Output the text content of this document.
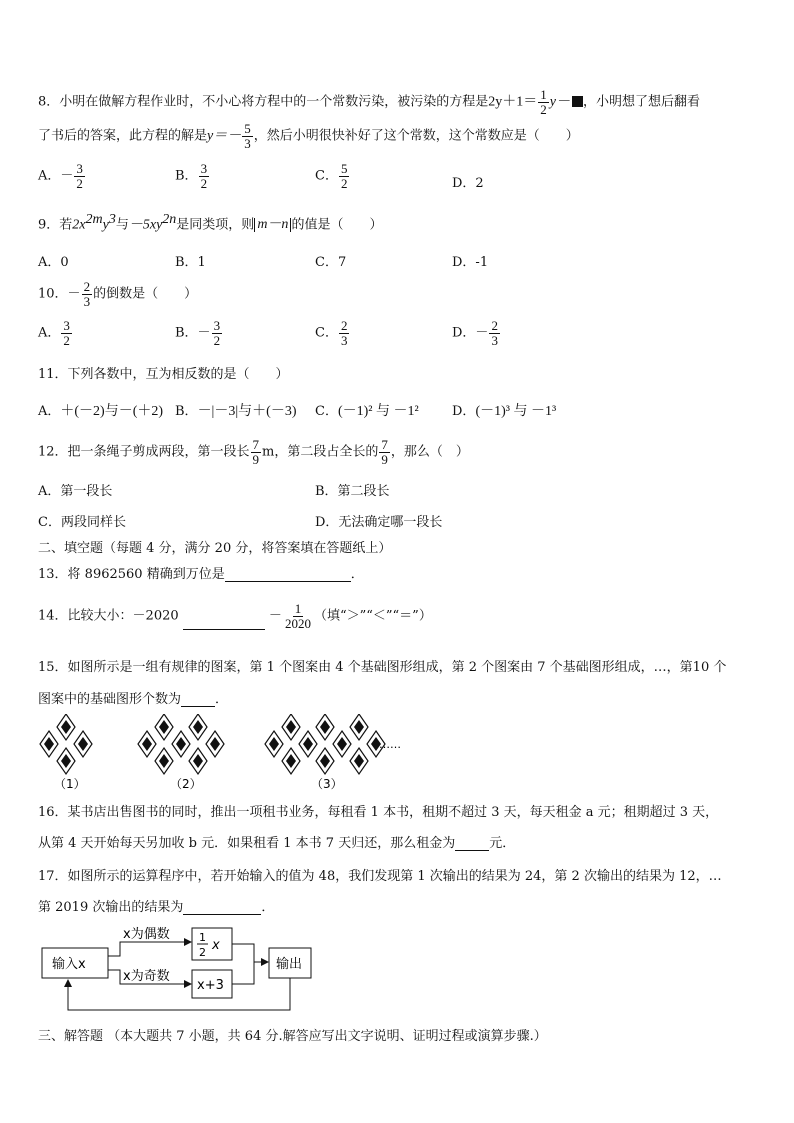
8．小明在做解方程作业时，不小心将方程中的一个常数污染，被污染的方程是$2y+1= \frac{1}{2} y-$ ，小明想了想后翻看
了书后的答案，此方程的解是$y=- \frac{5}{3}$ ，然后小明很快补好了这个常数，这个常数应是（　　）
A．－ $\frac{3}{2}$	B． $\frac{3}{2}$	C． $\frac{5}{2}$	D．2
9．若$2x^{2m}y^3$与$-5xy^{2n}$是同类项，则 m－n 的值是（　　）
A．0	B．1	C．7	D．-1
10．－ $\frac{2}{3}$ 的倒数是（　　）
A． $\frac{3}{2}$	B．－ $\frac{3}{2}$	C． $\frac{2}{3}$	D．－ $\frac{2}{3}$
11．下列各数中，互为相反数的是（　　）
A．＋(－2)与－(＋2) B．－|－3|与＋(－3) C．(－1)² 与 －1²	D．(－1)³ 与 －1³
12．把一条绳子剪成两段，第一段长 $\frac{7}{9}$ m，第二段占全长的 $\frac{7}{9}$ ，那么（　）
A．第一段长	B．第二段长
C．两段同样长	D．无法确定哪一段长
二、填空题（每题 4 分，满分 20 分，将答案填在答题纸上）
13．将 8962560 精确到万位是	．
14．比较大小：－2020	－ $\frac{1}{2020}$ （填“＞”“＜”“＝”）
15．如图所示是一组有规律的图案，第 1 个图案由 4 个基础图形组成，第 2 个图案由 7 个基础图形组成，…，第10 个
图案中的基础图形个数为	．
……
（1）	（2）	（3）
16．某书店出售图书的同时，推出一项租书业务，每租看 1 本书，租期不超过 3 天，每天租金 a 元；租期超过 3 天，
从第 4 天开始每天另加收 b 元．如果租看 1 本书 7 天归还，那么租金为	元．
17．如图所示的运算程序中，若开始输入的值为 48，我们发现第 1 次输出的结果为 24，第 2 次输出的结果为 12，…
第 2019 次输出的结果为	．
输入x
x为偶数
x为奇数
1
2 x
x+3
输出
三、解答题 （本大题共 7 小题，共 64 分.解答应写出文字说明、证明过程或演算步骤.）
